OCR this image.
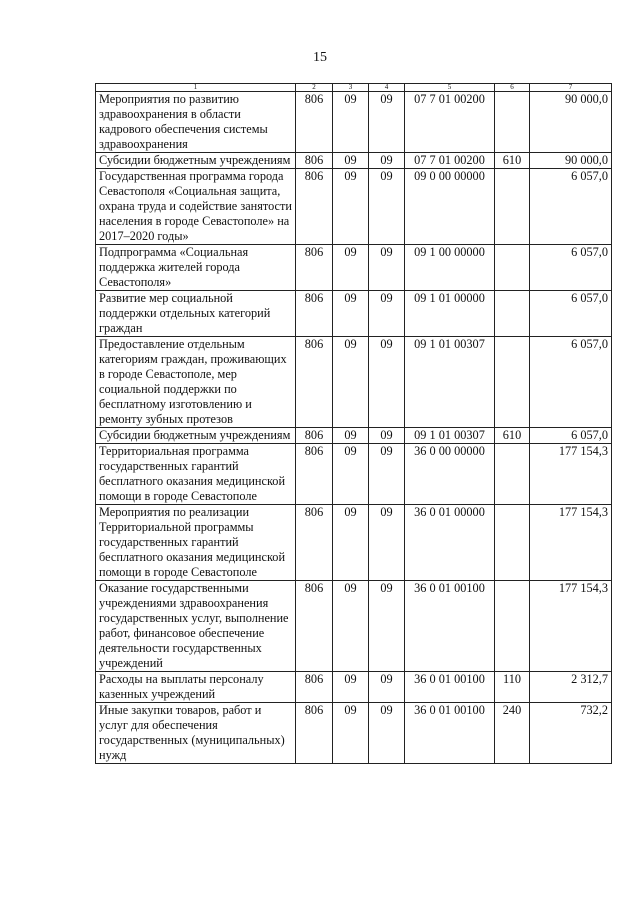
15
1	2	3	4	5	6	7
Мероприятия по развитию здравоохранения в области кадрового обеспечения системы здравоохранения	806	09	09	07 7 01 00200		90 000,0
Субсидии бюджетным учреждениям	806	09	09	07 7 01 00200	610	90 000,0
Государственная программа города Севастополя «Социальная защита, охрана труда и содействие занятости населения в городе Севастополе» на 2017–2020 годы»	806	09	09	09 0 00 00000		6 057,0
Подпрограмма «Социальная поддержка жителей города Севастополя»	806	09	09	09 1 00 00000		6 057,0
Развитие мер социальной поддержки отдельных категорий граждан	806	09	09	09 1 01 00000		6 057,0
Предоставление отдельным категориям граждан, проживающих в городе Севастополе, мер социальной поддержки по бесплатному изготовлению и ремонту зубных протезов	806	09	09	09 1 01 00307		6 057,0
Субсидии бюджетным учреждениям	806	09	09	09 1 01 00307	610	6 057,0
Территориальная программа государственных гарантий бесплатного оказания медицинской помощи в городе Севастополе	806	09	09	36 0 00 00000		177 154,3
Мероприятия по реализации Территориальной программы государственных гарантий бесплатного оказания медицинской помощи в городе Севастополе	806	09	09	36 0 01 00000		177 154,3
Оказание государственными учреждениями здравоохранения государственных услуг, выполнение работ, финансовое обеспечение деятельности государственных учреждений	806	09	09	36 0 01 00100		177 154,3
Расходы на выплаты персоналу казенных учреждений	806	09	09	36 0 01 00100	110	2 312,7
Иные закупки товаров, работ и услуг для обеспечения государственных (муниципальных) нужд	806	09	09	36 0 01 00100	240	732,2
